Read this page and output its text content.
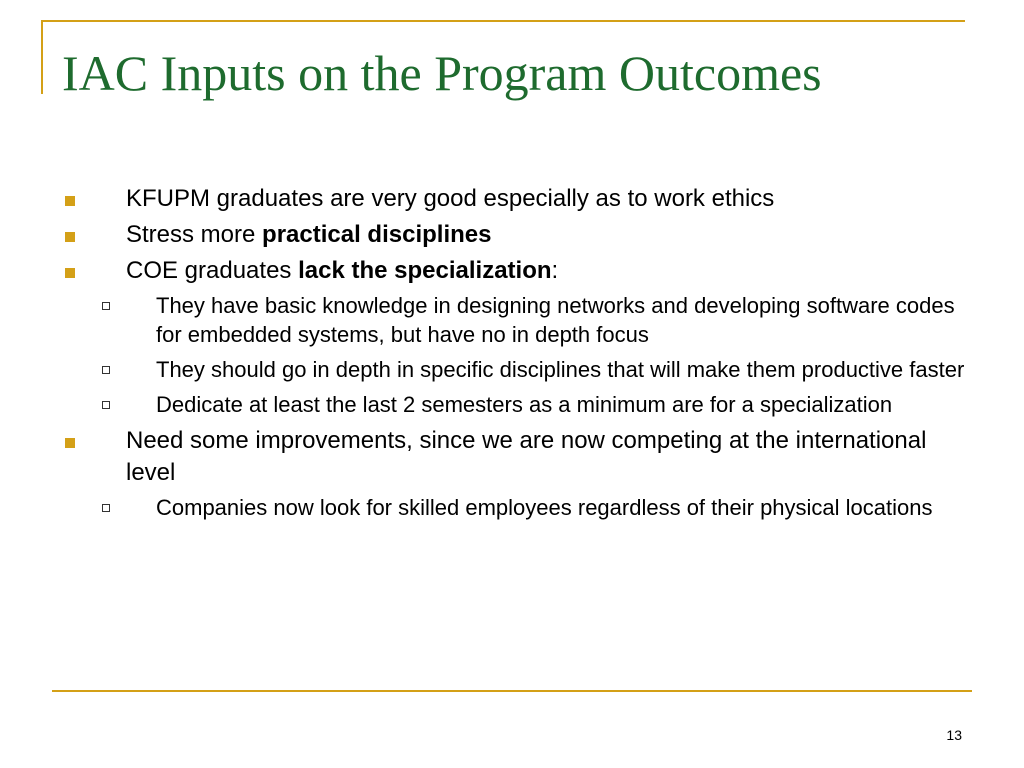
IAC Inputs on the Program Outcomes
KFUPM graduates are very good especially as to work ethics
Stress more practical disciplines
COE graduates lack the specialization:
They have basic knowledge in designing networks and developing software codes for embedded systems, but have no in depth focus
They should go in depth in specific disciplines that will make them productive faster
Dedicate at least the last 2 semesters as a minimum are for a specialization
Need some improvements, since we are now competing at the international level
Companies now look for skilled employees regardless of their physical locations
13
